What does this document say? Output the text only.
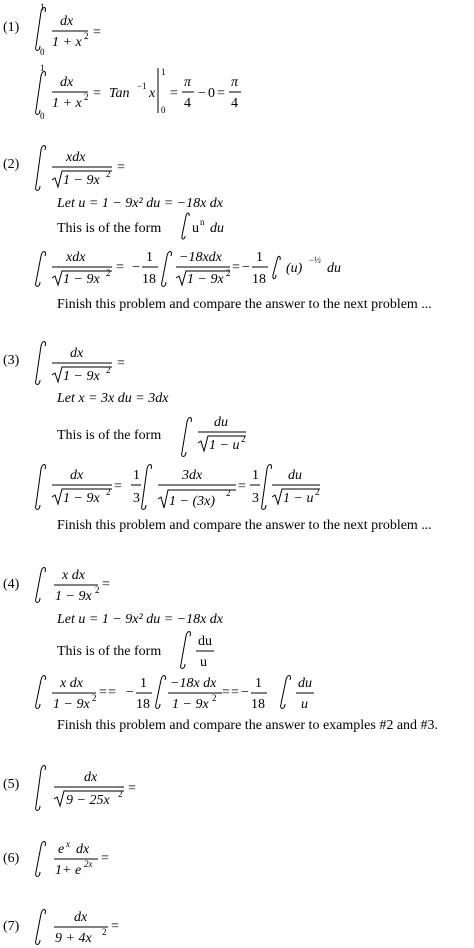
(1)
(2)
(3)
(4)
(5)
(6)
(7)
Let u = 1 − 9x² du = −18x dx
This is of the form
Finish this problem and compare the answer to the next problem ...
Let x = 3x du = 3dx
This is of the form
Finish this problem and compare the answer to the next problem ...
Let u = 1 − 9x² du = −18x dx
This is of the form
Finish this problem and compare the answer to examples #2 and #3.
1
0
dx
1 + x 2 =
1
0
dx
1 + x 2 = Tan −1 x
1
0
=
π
4
− 0 =
π
4
xdx
1 − 9x 2 =
u n du
xdx
1 − 9x 2 = −
1
18
−18xdx
1 − 9x 2 = −
1
18
(u)
−½
du
dx
1 − 9x 2 =
du
1 − u 2
dx
1 − 9x 2 =
1
3
3dx
1 − (3x)
2 =
1
3
du
1 − u 2
x dx
1 − 9x 2 =
du
u
x dx
1 − 9x 2 = = −
1
18
−18x dx
1 − 9x 2 = = −
1
18
du
u
dx
9 − 25x 2 =
e x dx
1+ e 2x =
dx
9 + 4x 2 =
